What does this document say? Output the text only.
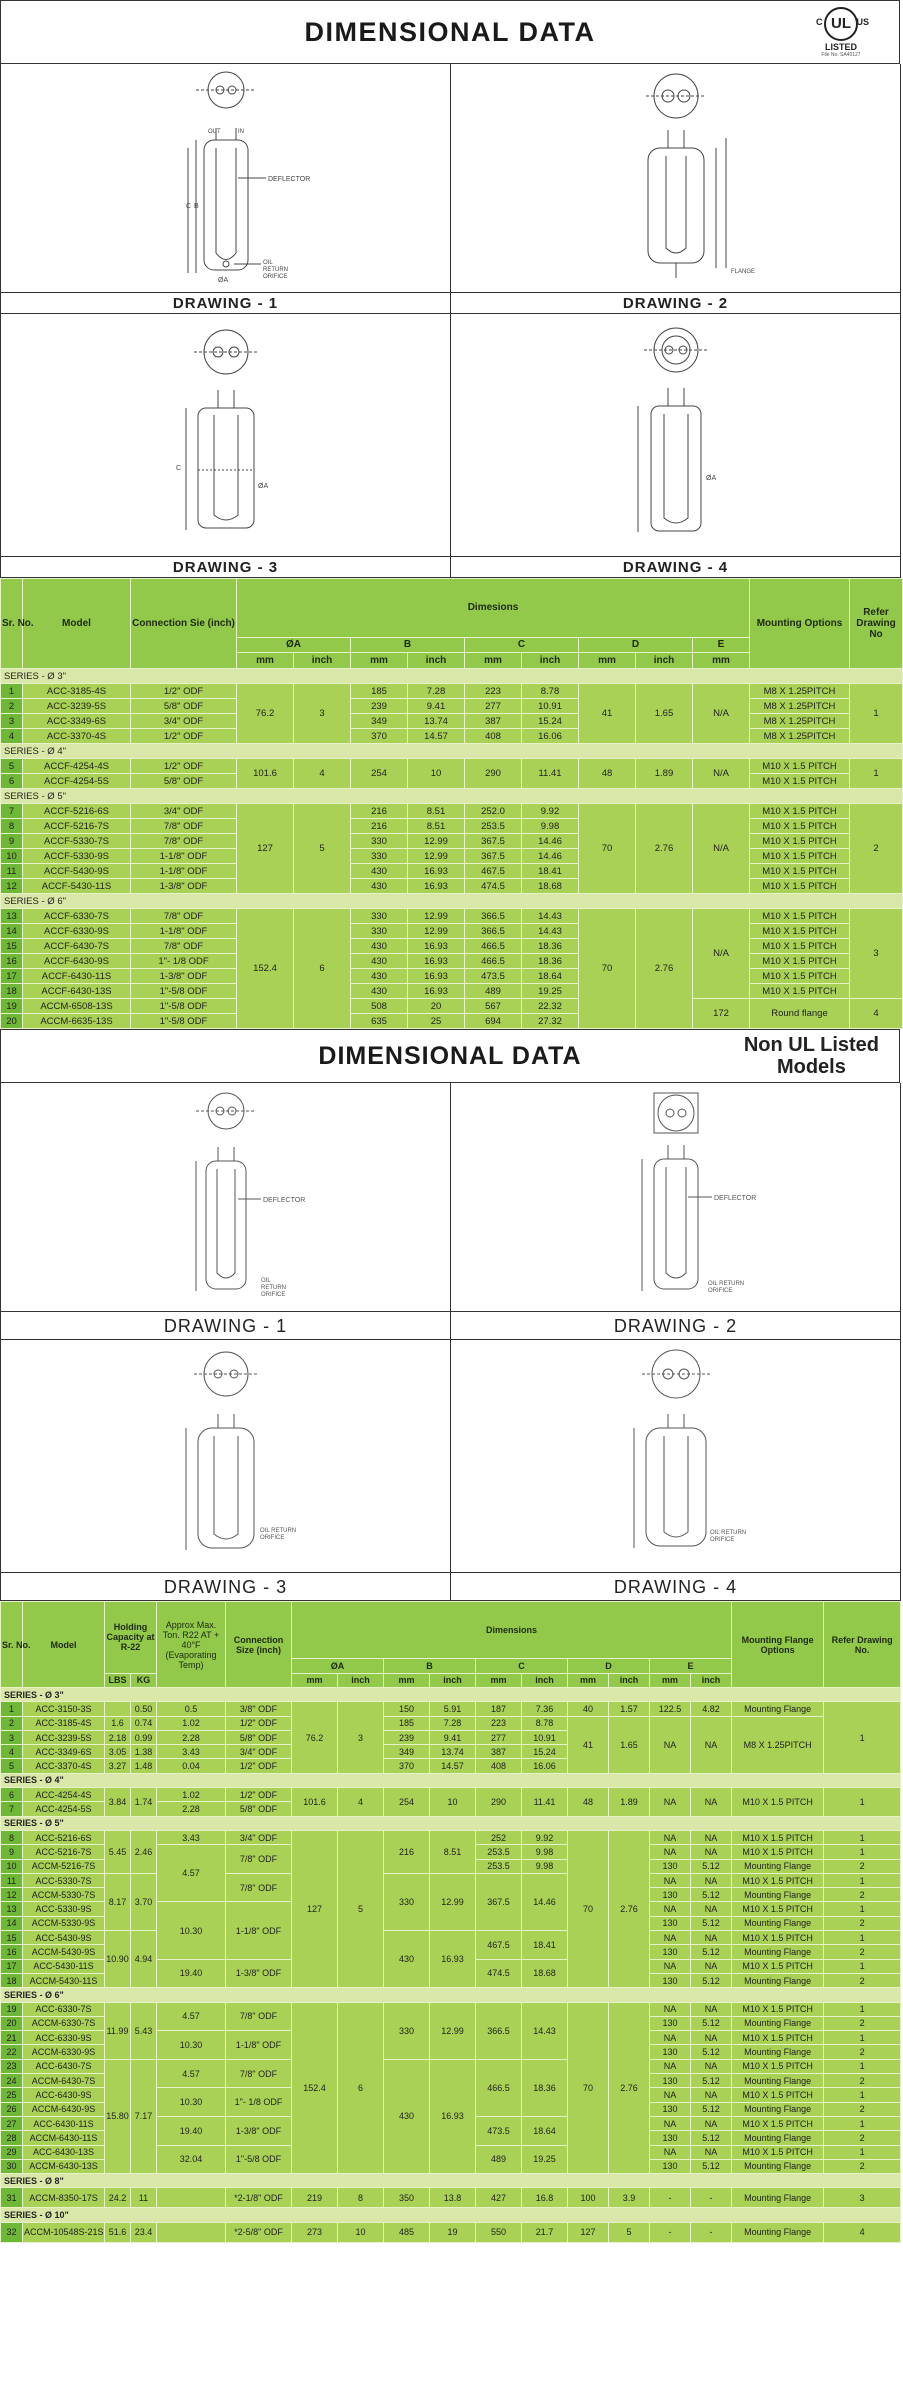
DIMENSIONAL DATA	C UL US
LISTED
File No. SA40127
DEFLECTOR
OIL
RETURN
ORIFICE
C B
OUT	IN
ØA
DRAWING - 1
FLANGE
DRAWING - 2
C
ØA
DRAWING - 3
ØA
DRAWING - 4
Sr. No.	Model	Connection Sie (inch)	Dimesions									Mounting Options	Refer Drawing No
			ØA		B		C		D		E		
			mm	inch	mm	inch	mm	inch	mm	inch	mm		
SERIES - Ø 3"													
1	ACC-3185-4S	1/2" ODF	76.2	3	185	7.28	223	8.78	41	1.65	N/A	M8 X 1.25PITCH	1
2	ACC-3239-5S	5/8" ODF			239	9.41	277	10.91				M8 X 1.25PITCH	
3	ACC-3349-6S	3/4" ODF			349	13.74	387	15.24				M8 X 1.25PITCH	
4	ACC-3370-4S	1/2" ODF			370	14.57	408	16.06				M8 X 1.25PITCH	
SERIES - Ø 4"													
5	ACCF-4254-4S	1/2" ODF	101.6	4	254	10	290	11.41	48	1.89	N/A	M10 X 1.5 PITCH	1
6	ACCF-4254-5S	5/8" ODF										M10 X 1.5 PITCH	
SERIES - Ø 5"													
7	ACCF-5216-6S	3/4" ODF	127	5	216	8.51	252.0	9.92	70	2.76	N/A	M10 X 1.5 PITCH	2
8	ACCF-5216-7S	7/8" ODF			216	8.51	253.5	9.98				M10 X 1.5 PITCH	
9	ACCF-5330-7S	7/8" ODF			330	12.99	367.5	14.46				M10 X 1.5 PITCH	
10	ACCF-5330-9S	1-1/8" ODF			330	12.99	367.5	14.46				M10 X 1.5 PITCH	
11	ACCF-5430-9S	1-1/8" ODF			430	16.93	467.5	18.41				M10 X 1.5 PITCH	
12	ACCF-5430-11S	1-3/8" ODF			430	16.93	474.5	18.68				M10 X 1.5 PITCH	
SERIES - Ø 6"													
13	ACCF-6330-7S	7/8" ODF	152.4	6	330	12.99	366.5	14.43	70	2.76	N/A	M10 X 1.5 PITCH	3
14	ACCF-6330-9S	1-1/8" ODF			330	12.99	366.5	14.43				M10 X 1.5 PITCH	
15	ACCF-6430-7S	7/8" ODF			430	16.93	466.5	18.36				M10 X 1.5 PITCH	
16	ACCF-6430-9S	1"- 1/8 ODF			430	16.93	466.5	18.36				M10 X 1.5 PITCH	
17	ACCF-6430-11S	1-3/8" ODF			430	16.93	473.5	18.64				M10 X 1.5 PITCH	
18	ACCF-6430-13S	1"-5/8 ODF			430	16.93	489	19.25				M10 X 1.5 PITCH	
19	ACCM-6508-13S	1"-5/8 ODF			508	20	567	22.32			172	Round flange	4
20	ACCM-6635-13S	1"-5/8 ODF			635	25	694	27.32					
DIMENSIONAL DATA	Non UL Listed
Models
DEFLECTOR
OIL
RETURN
ORIFICE
DRAWING - 1
DEFLECTOR
OIL RETURN
ORIFICE
DRAWING - 2
OIL RETURN
ORIFICE
DRAWING - 3
OIL RETURN
ORIFICE
DRAWING - 4
Sr. No.	Model	Holding Capacity at R-22		Approx Max. Ton. R22 AT + 40°F (Evaporating Temp)	Connection Size (inch)	Dimensions										Mounting Flange Options	Refer Drawing No.
						ØA		B		C		D		E			

		LBS	KG			mm	inch	mm	inch	mm	inch	mm	inch	mm	inch		
SERIES - Ø 3"																	
1	ACC-3150-3S		0.50	0.5	3/8" ODF	76.2	3	150	5.91	187	7.36	40	1.57	122.5	4.82	Mounting Flange	1
2	ACC-3185-4S	1.6	0.74	1.02	1/2" ODF			185	7.28	223	8.78	41	1.65	NA	NA	M8 X 1.25PITCH	
3	ACC-3239-5S	2.18	0.99	2.28	5/8" ODF			239	9.41	277	10.91						
4	ACC-3349-6S	3.05	1.38	3.43	3/4" ODF			349	13.74	387	15.24						
5	ACC-3370-4S	3.27	1.48	0.04	1/2" ODF			370	14.57	408	16.06						
SERIES - Ø 4"																	
6	ACC-4254-4S	3.84	1.74	1.02	1/2" ODF	101.6	4	254	10	290	11.41	48	1.89	NA	NA	M10 X 1.5 PITCH	1
7	ACC-4254-5S			2.28	5/8" ODF												
SERIES - Ø 5"																	
8	ACC-5216-6S	5.45	2.46	3.43	3/4" ODF	127	5	216	8.51	252	9.92	70	2.76	NA	NA	M10 X 1.5 PITCH	1
9	ACC-5216-7S			4.57	7/8" ODF					253.5	9.98			NA	NA	M10 X 1.5 PITCH	1
10	ACCM-5216-7S									253.5	9.98			130	5.12	Mounting Flange	2
11	ACC-5330-7S	8.17	3.70		7/8" ODF			330	12.99	367.5	14.46			NA	NA	M10 X 1.5 PITCH	1
12	ACCM-5330-7S													130	5.12	Mounting Flange	2
13	ACC-5330-9S			10.30	1-1/8" ODF									NA	NA	M10 X 1.5 PITCH	1
14	ACCM-5330-9S													130	5.12	Mounting Flange	2
15	ACC-5430-9S	10.90	4.94					430	16.93	467.5	18.41			NA	NA	M10 X 1.5 PITCH	1
16	ACCM-5430-9S													130	5.12	Mounting Flange	2
17	ACC-5430-11S			19.40	1-3/8" ODF					474.5	18.68			NA	NA	M10 X 1.5 PITCH	1
18	ACCM-5430-11S													130	5.12	Mounting Flange	2
SERIES - Ø 6"																	
19	ACC-6330-7S	11.99	5.43	4.57	7/8" ODF	152.4	6	330	12.99	366.5	14.43	70	2.76	NA	NA	M10 X 1.5 PITCH	1
20	ACCM-6330-7S													130	5.12	Mounting Flange	2
21	ACC-6330-9S			10.30	1-1/8" ODF									NA	NA	M10 X 1.5 PITCH	1
22	ACCM-6330-9S													130	5.12	Mounting Flange	2
23	ACC-6430-7S	15.80	7.17	4.57	7/8" ODF			430	16.93	466.5	18.36			NA	NA	M10 X 1.5 PITCH	1
24	ACCM-6430-7S													130	5.12	Mounting Flange	2
25	ACC-6430-9S			10.30	1"- 1/8 ODF									NA	NA	M10 X 1.5 PITCH	1
26	ACCM-6430-9S													130	5.12	Mounting Flange	2
27	ACC-6430-11S			19.40	1-3/8" ODF					473.5	18.64			NA	NA	M10 X 1.5 PITCH	1
28	ACCM-6430-11S													130	5.12	Mounting Flange	2
29	ACC-6430-13S			32.04	1"-5/8 ODF					489	19.25			NA	NA	M10 X 1.5 PITCH	1
30	ACCM-6430-13S													130	5.12	Mounting Flange	2
SERIES - Ø 8"																	
31	ACCM-8350-17S	24.2	11		*2-1/8" ODF	219	8	350	13.8	427	16.8	100	3.9	-	-	Mounting Flange	3
SERIES - Ø 10"																	
32	ACCM-10548S-21S	51.6	23.4		*2-5/8" ODF	273	10	485	19	550	21.7	127	5	-	-	Mounting Flange	4
